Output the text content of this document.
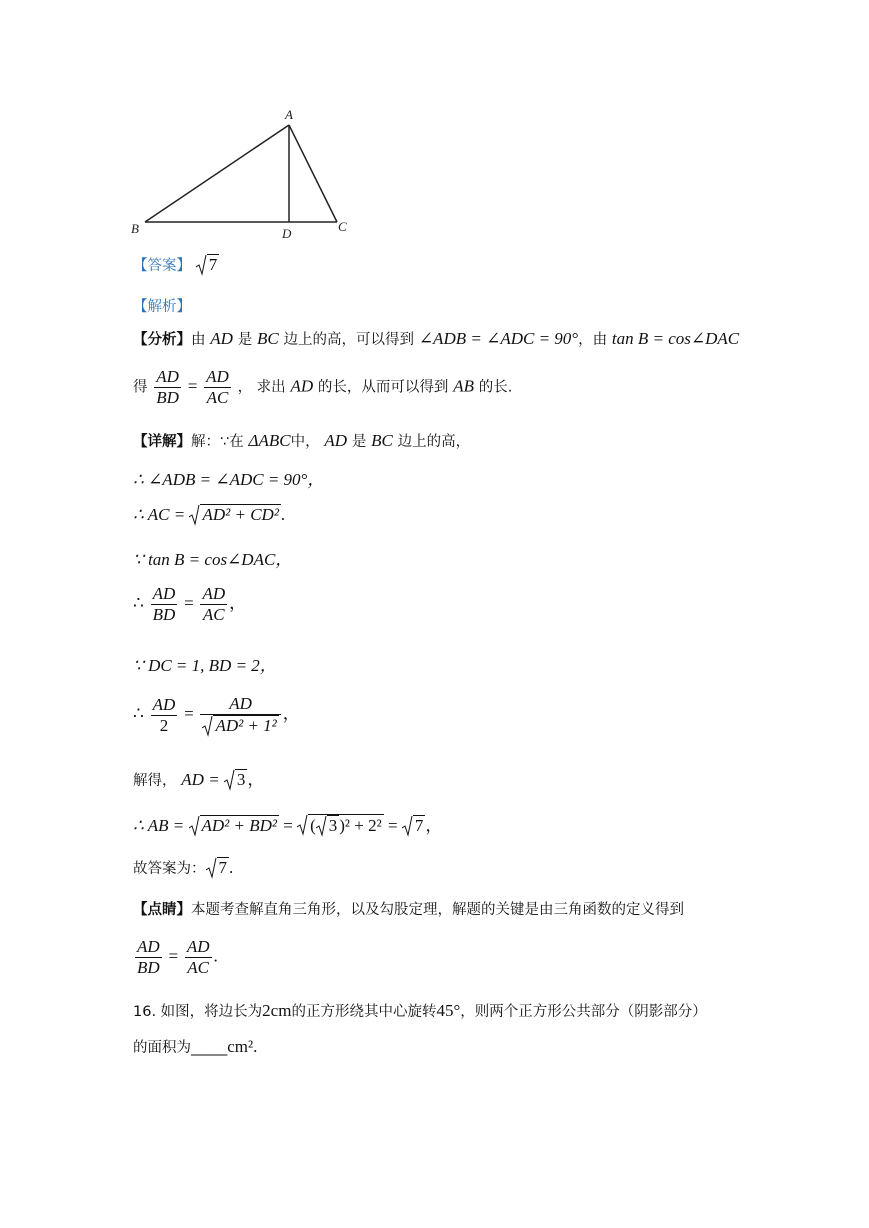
A
B	C
D
【答案】 7
【解析】
【分析】由 AD 是 BC 边上的高，可以得到 ∠ADB = ∠ADC = 90°，由 tan B = cos∠DAC
得 $\frac{AD}{BD} = \frac{AD}{AC}$ ， 求出 AD 的长，从而可以得到 AB 的长.
【详解】解：∵在 ΔABC中， AD 是 BC 边上的高，
∴ ∠ADB = ∠ADC = 90°，
∴ AC =
AD² + CD² .
∵ tan B = cos∠DAC，
∴ $\frac{AD}{BD} = \frac{AD}{AC}$ ，
∵ DC = 1, BD = 2，
∴ $\frac{AD}{2} = \frac{AD}{\text{AD² + 1²}}$ ，
解得， AD =
3 ，
∴ AB =
AD² + BD² =
( 3 )² + 2² =
7 ，
故答案为： 7 .
【点睛】本题考查解直角三角形，以及勾股定理，解题的关键是由三角函数的定义得到
$\frac{AD}{BD} = \frac{AD}{AC}$ .
16. 如图，将边长为2cm的正方形绕其中心旋转45°，则两个正方形公共部分（阴影部分）
的面积为_____cm².
